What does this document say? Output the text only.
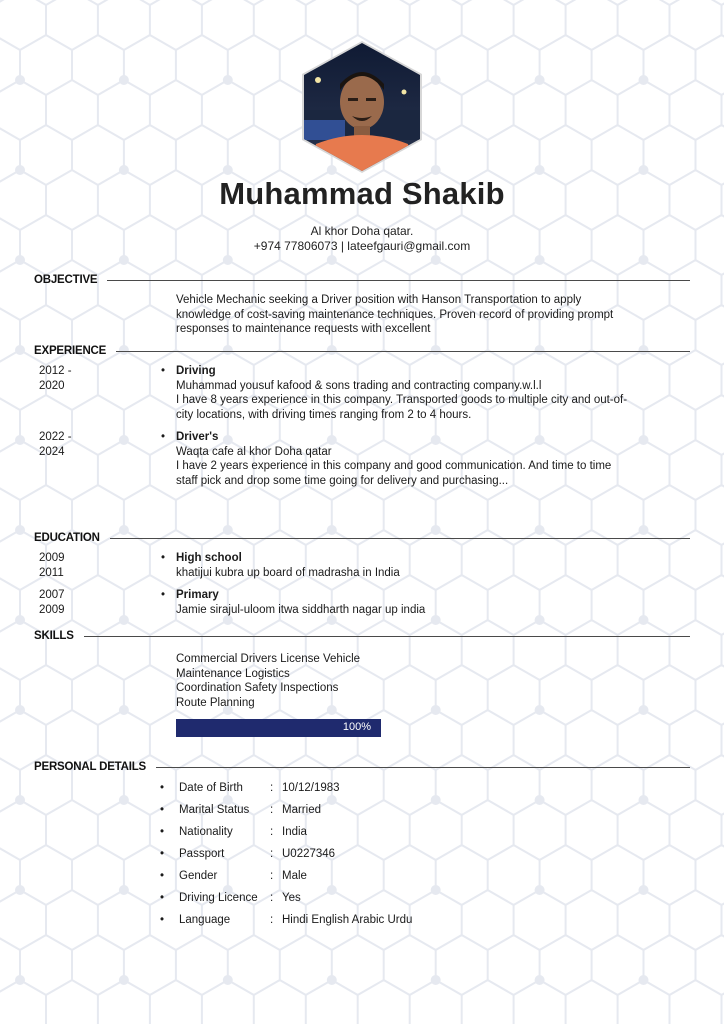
Muhammad Shakib
Al khor Doha qatar.
+974 77806073 | lateefgauri@gmail.com
OBJECTIVE
Vehicle Mechanic seeking a Driver position with Hanson Transportation to apply
knowledge of cost-saving maintenance techniques. Proven record of providing prompt
responses to maintenance requests with excellent
EXPERIENCE
2012 -
2020
• Driving
Muhammad yousuf kafood & sons trading and contracting company.w.l.l
I have 8 years experience in this company. Transported goods to multiple city and out-of-
city locations, with driving times ranging from 2 to 4 hours.
2022 -
2024
• Driver's
Waqta cafe al khor Doha qatar
I have 2 years experience in this company and good communication. And time to time
staff pick and drop some time going for delivery and purchasing...
EDUCATION
2009
2011
• High school
khatijui kubra up board of madrasha in India
2007
2009
• Primary
Jamie sirajul-uloom itwa siddharth nagar up india
SKILLS
Commercial Drivers License Vehicle
Maintenance Logistics
Coordination Safety Inspections
Route Planning
100%
PERSONAL DETAILS
• Date of Birth : 10/12/1983
• Marital Status : Married
• Nationality	: India
• Passport	: U0227346
• Gender	: Male
• Driving Licence : Yes
• Language	: Hindi English Arabic Urdu
